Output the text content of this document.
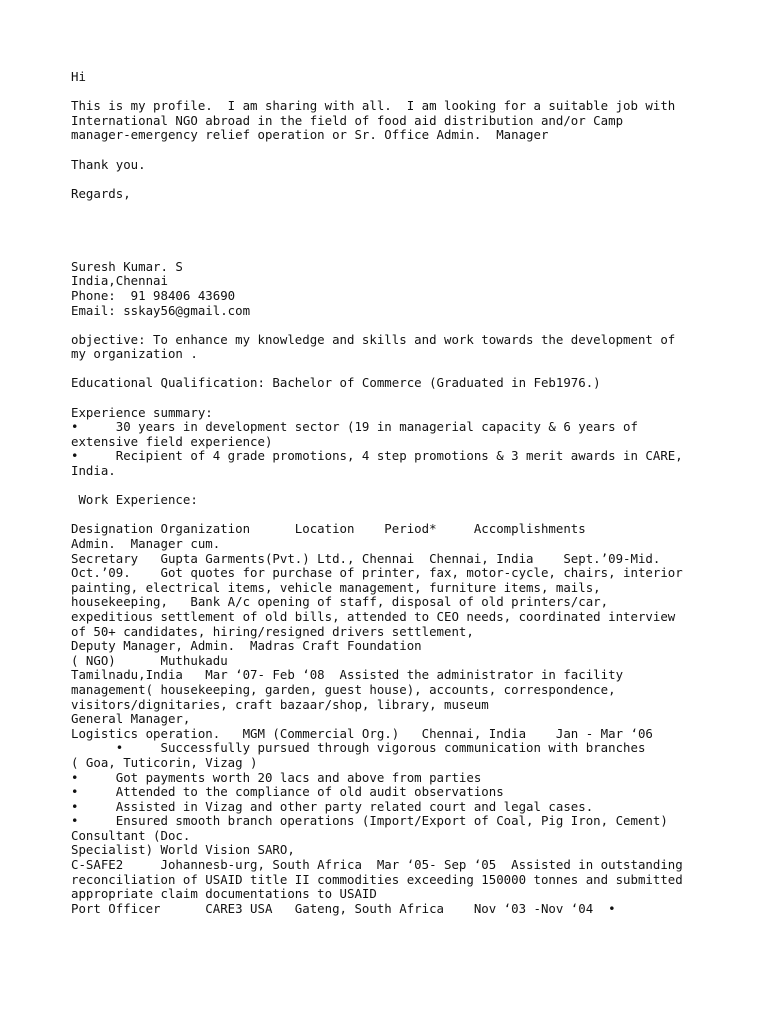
Hi
This is my profile.  I am sharing with all.  I am looking for a suitable job with
International NGO abroad in the field of food aid distribution and/or Camp
manager-emergency relief operation or Sr. Office Admin.  Manager
Thank you.
Regards,
Suresh Kumar. S
India,Chennai
Phone:  91 98406 43690
Email: sskay56@gmail.com
objective: To enhance my knowledge and skills and work towards the development of
my organization .
Educational Qualification: Bachelor of Commerce (Graduated in Feb1976.)
Experience summary:
•     30 years in development sector (19 in managerial capacity & 6 years of
extensive field experience)
•     Recipient of 4 grade promotions, 4 step promotions & 3 merit awards in CARE,
India.
Work Experience:
Designation Organization      Location    Period*     Accomplishments
Admin.  Manager cum.
Secretary   Gupta Garments(Pvt.) Ltd., Chennai  Chennai, India    Sept.’09-Mid.
Oct.’09.    Got quotes for purchase of printer, fax, motor-cycle, chairs, interior
painting, electrical items, vehicle management, furniture items, mails,
housekeeping,   Bank A/c opening of staff, disposal of old printers/car,
expeditious settlement of old bills, attended to CEO needs, coordinated interview
of 50+ candidates, hiring/resigned drivers settlement,
Deputy Manager, Admin.  Madras Craft Foundation
( NGO)      Muthukadu
Tamilnadu,India   Mar ‘07- Feb ‘08  Assisted the administrator in facility
management( housekeeping, garden, guest house), accounts, correspondence,
visitors/dignitaries, craft bazaar/shop, library, museum
General Manager,
Logistics operation.   MGM (Commercial Org.)   Chennai, India    Jan - Mar ‘06
•     Successfully pursued through vigorous communication with branches
( Goa, Tuticorin, Vizag )
•     Got payments worth 20 lacs and above from parties
•     Attended to the compliance of old audit observations
•     Assisted in Vizag and other party related court and legal cases.
•     Ensured smooth branch operations (Import/Export of Coal, Pig Iron, Cement)
Consultant (Doc.
Specialist) World Vision SARO,
C-SAFE2     Johannesb-urg, South Africa  Mar ‘05- Sep ‘05  Assisted in outstanding
reconciliation of USAID title II commodities exceeding 150000 tonnes and submitted
appropriate claim documentations to USAID
Port Officer      CARE3 USA   Gateng, South Africa    Nov ‘03 -Nov ‘04  •
